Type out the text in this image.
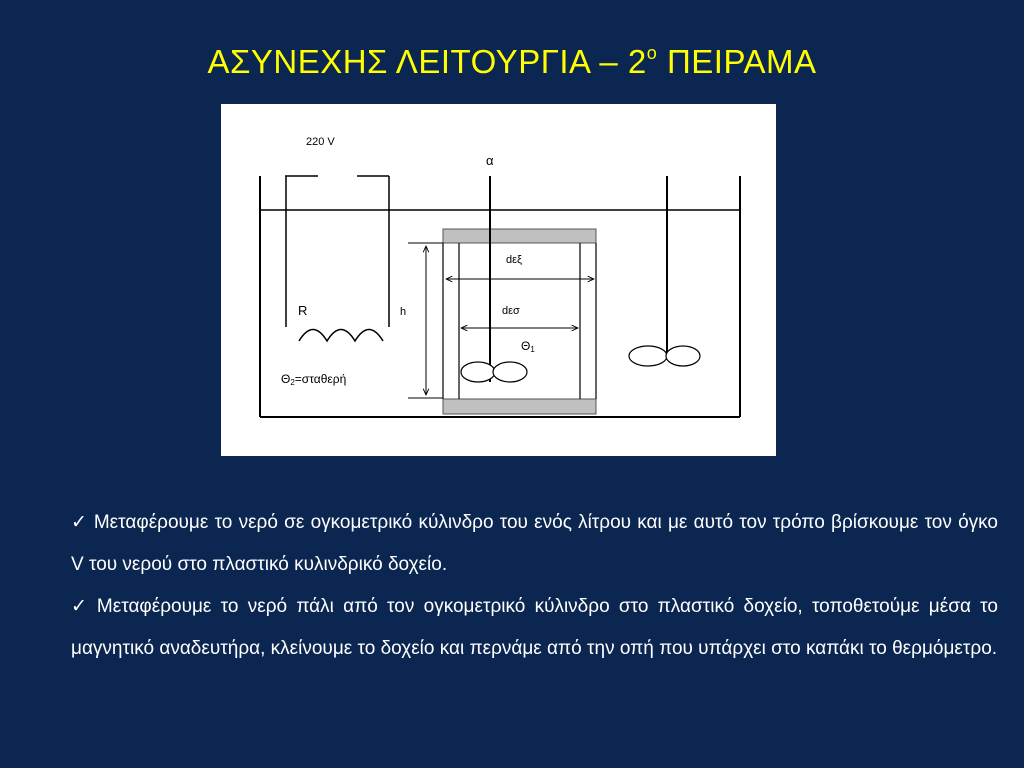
ΑΣΥΝΕΧΗΣ ΛΕΙΤΟΥΡΓΙΑ – $2^o$ ΠΕΙΡΑΜΑ
220 V
α
R	h
dεξ
dεσ
Θ1
Θ2=σταθερή

✓ Μεταφέρουμε το νερό σε ογκομετρικό κύλινδρο του ενός λίτρου και με αυτό τον τρόπο βρίσκουμε τον όγκο V του νερού στο πλαστικό κυλινδρικό δοχείο.

✓ Μεταφέρουμε το νερό πάλι από τον ογκομετρικό κύλινδρο στο πλαστικό δοχείο, τοποθετούμε μέσα το μαγνητικό αναδευτήρα, κλείνουμε το δοχείο και περνάμε από την οπή που υπάρχει στο καπάκι το θερμόμετρο.
